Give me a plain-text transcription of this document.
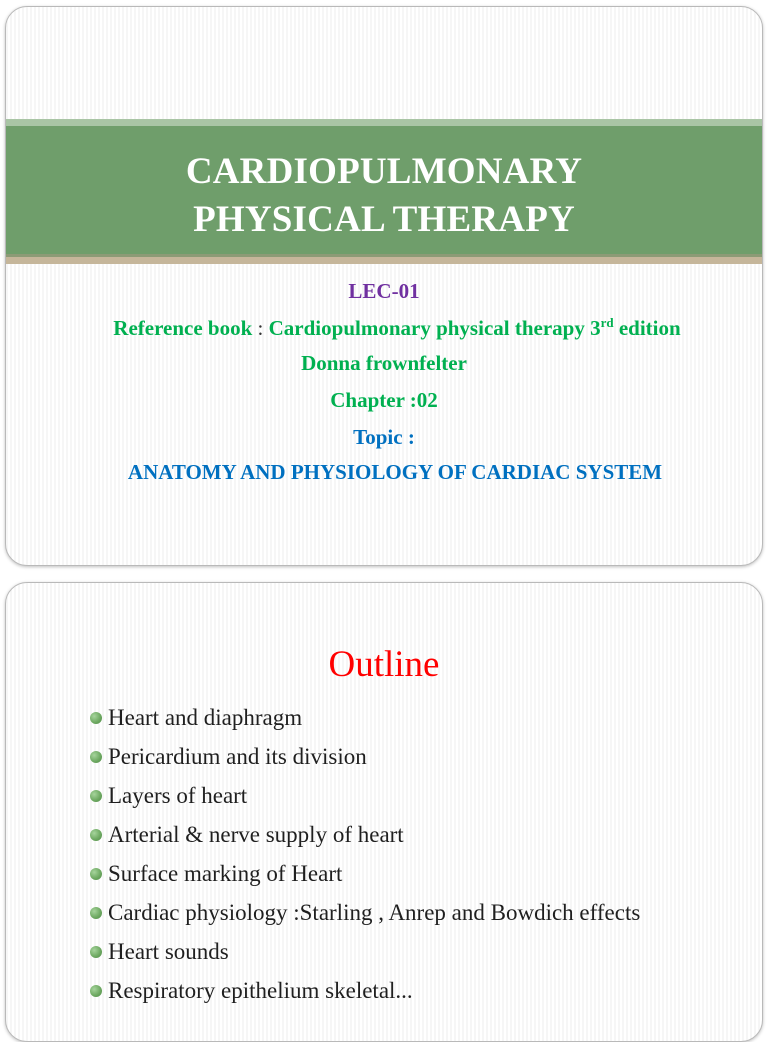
CARDIOPULMONARY
PHYSICAL THERAPY
LEC-01
Reference book : Cardiopulmonary physical therapy 3rd edition
Donna frownfelter
Chapter :02
Topic :
ANATOMY AND PHYSIOLOGY OF CARDIAC SYSTEM
Outline
Heart and diaphragm
Pericardium and its division
Layers of heart
Arterial & nerve supply of heart
Surface marking of Heart
Cardiac physiology :Starling , Anrep and Bowdich effects
Heart sounds
Respiratory epithelium skeletal...
